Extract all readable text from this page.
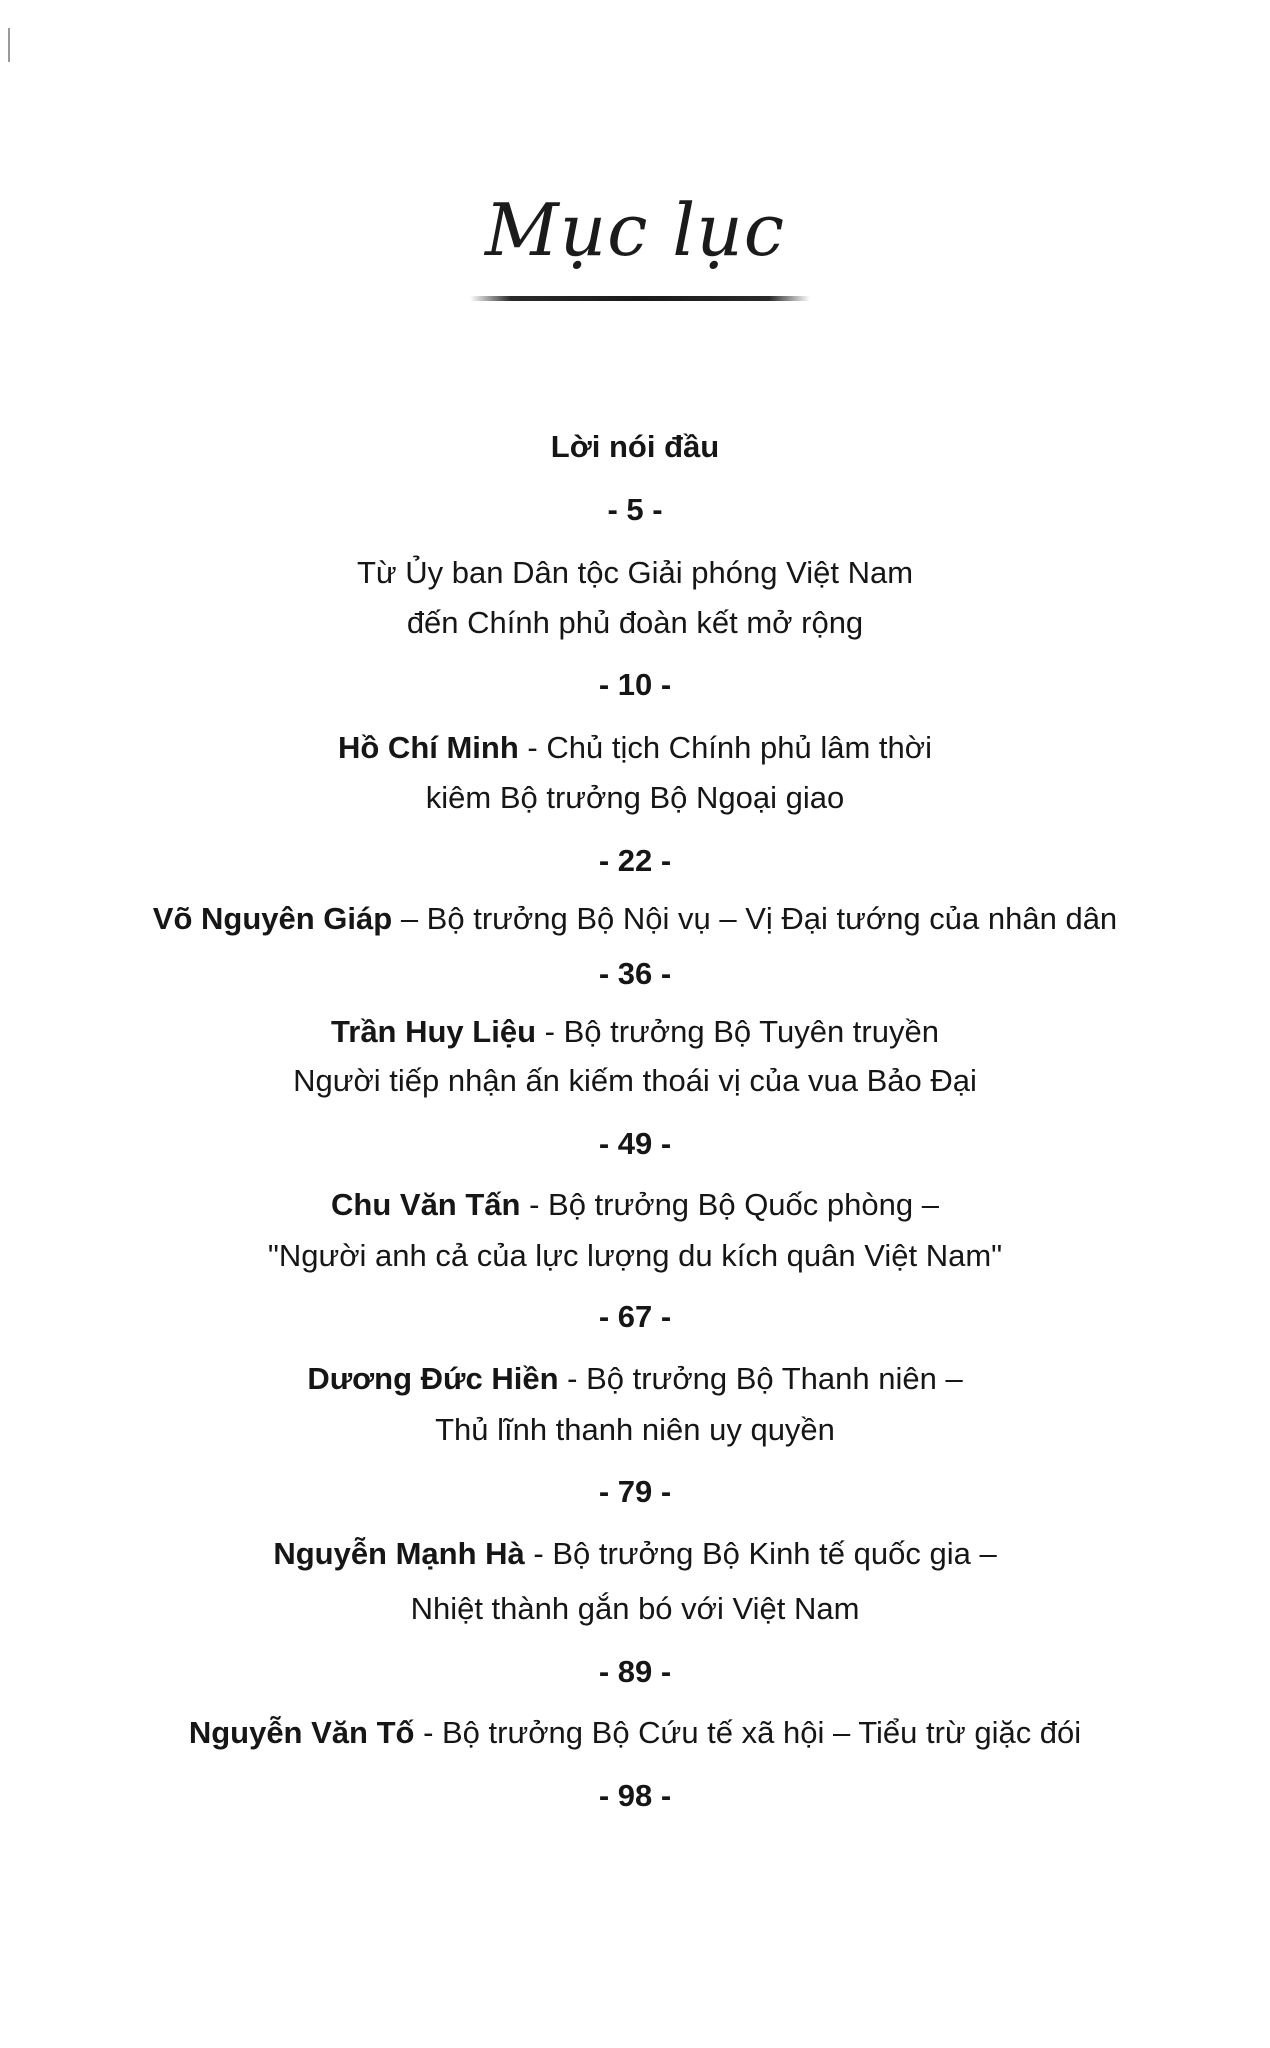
Mục lục
Lời nói đầu
- 5 -
Từ Ủy ban Dân tộc Giải phóng Việt Nam
đến Chính phủ đoàn kết mở rộng
- 10 -
Hồ Chí Minh - Chủ tịch Chính phủ lâm thời
kiêm Bộ trưởng Bộ Ngoại giao
- 22 -
Võ Nguyên Giáp – Bộ trưởng Bộ Nội vụ – Vị Đại tướng của nhân dân
- 36 -
Trần Huy Liệu - Bộ trưởng Bộ Tuyên truyền
Người tiếp nhận ấn kiếm thoái vị của vua Bảo Đại
- 49 -
Chu Văn Tấn - Bộ trưởng Bộ Quốc phòng –
"Người anh cả của lực lượng du kích quân Việt Nam"
- 67 -
Dương Đức Hiền - Bộ trưởng Bộ Thanh niên –
Thủ lĩnh thanh niên uy quyền
- 79 -
Nguyễn Mạnh Hà - Bộ trưởng Bộ Kinh tế quốc gia –
Nhiệt thành gắn bó với Việt Nam
- 89 -
Nguyễn Văn Tố - Bộ trưởng Bộ Cứu tế xã hội – Tiểu trừ giặc đói
- 98 -
